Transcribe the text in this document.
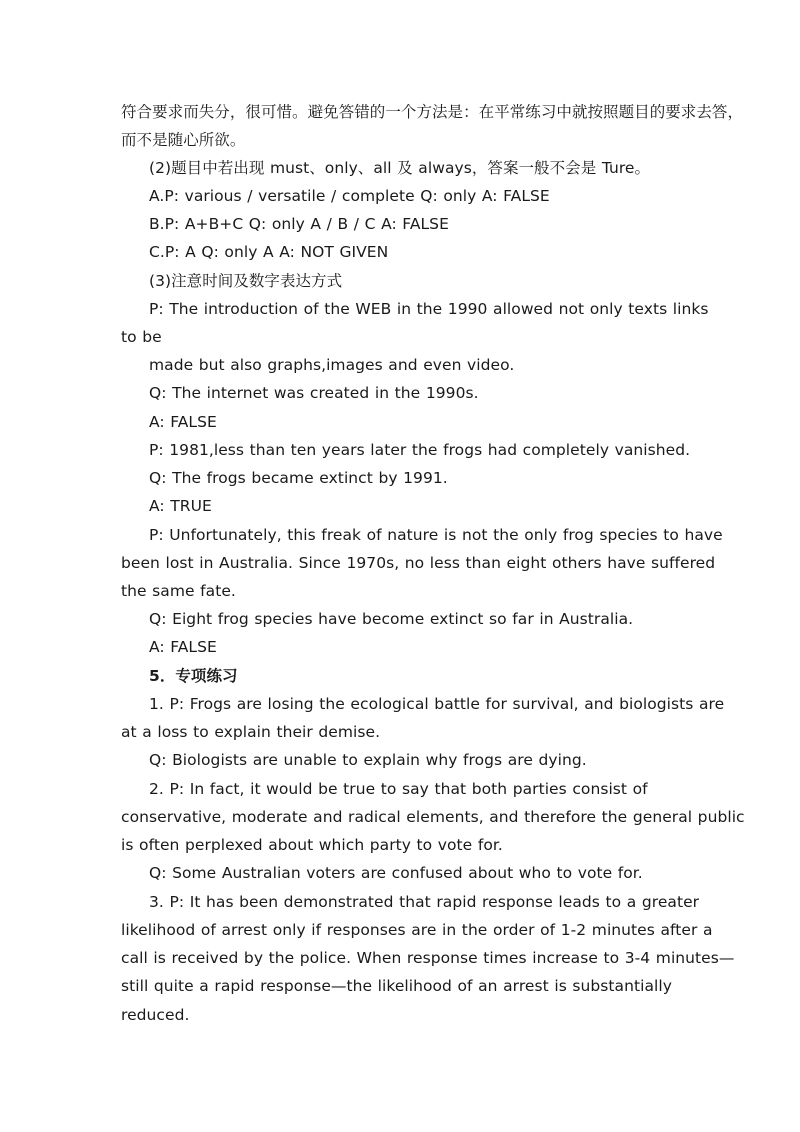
符合要求而失分，很可惜。避免答错的一个方法是：在平常练习中就按照题目的要求去答，
而不是随心所欲。
(2)题目中若出现 must、only、all 及 always，答案一般不会是 Ture。
A.P: various / versatile / complete Q: only A: FALSE
B.P: A+B+C Q: only A / B / C A: FALSE
C.P: A Q: only A A: NOT GIVEN
(3)注意时间及数字表达方式
P: The introduction of the WEB in the 1990 allowed not only texts links
to be
made but also graphs,images and even video.
Q: The internet was created in the 1990s.
A: FALSE
P: 1981,less than ten years later the frogs had completely vanished.
Q: The frogs became extinct by 1991.
A: TRUE
P: Unfortunately, this freak of nature is not the only frog species to have
been lost in Australia. Since 1970s, no less than eight others have suffered
the same fate.
Q: Eight frog species have become extinct so far in Australia.
A: FALSE
5．专项练习
1. P: Frogs are losing the ecological battle for survival, and biologists are
at a loss to explain their demise.
Q: Biologists are unable to explain why frogs are dying.
2. P: In fact, it would be true to say that both parties consist of
conservative, moderate and radical elements, and therefore the general public
is often perplexed about which party to vote for.
Q: Some Australian voters are confused about who to vote for.
3. P: It has been demonstrated that rapid response leads to a greater
likelihood of arrest only if responses are in the order of 1-2 minutes after a
call is received by the police. When response times increase to 3-4 minutes—
still quite a rapid response—the likelihood of an arrest is substantially
reduced.
